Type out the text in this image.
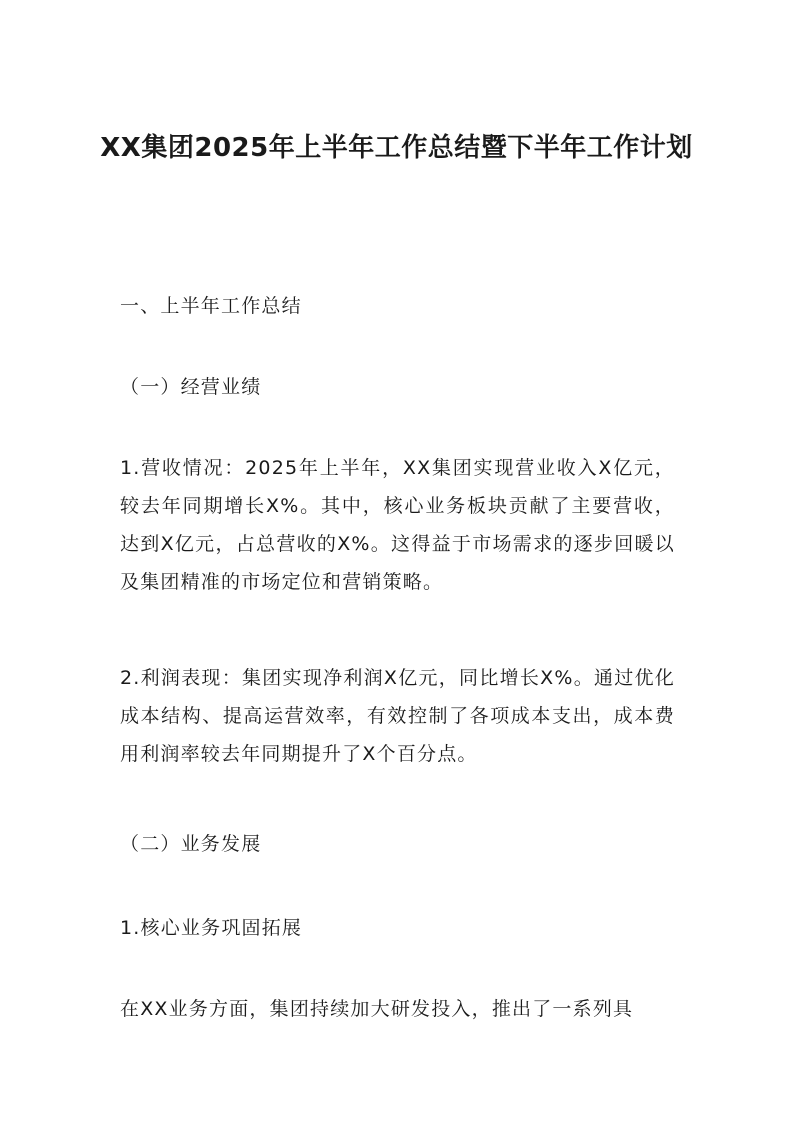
XX集团2025年上半年工作总结暨下半年工作计划
一、上半年工作总结
（一）经营业绩
1.营收情况：2025年上半年，XX集团实现营业收入X亿元，较去年同期增长X%。其中，核心业务板块贡献了主要营收，达到X亿元，占总营收的X%。这得益于市场需求的逐步回暖以及集团精准的市场定位和营销策略。
2.利润表现：集团实现净利润X亿元，同比增长X%。通过优化成本结构、提高运营效率，有效控制了各项成本支出，成本费用利润率较去年同期提升了X个百分点。
（二）业务发展
1.核心业务巩固拓展
在XX业务方面，集团持续加大研发投入，推出了一系列具
